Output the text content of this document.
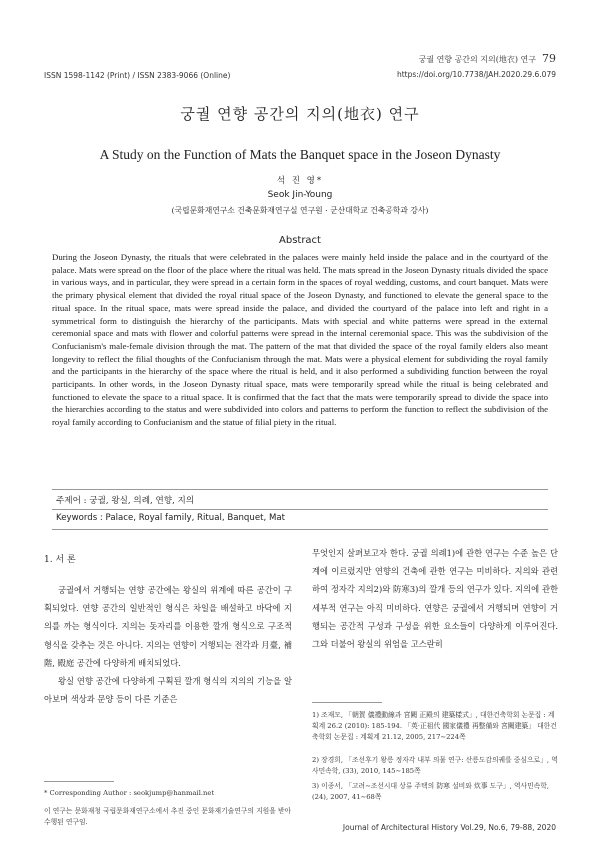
ISSN 1598-1142 (Print) / ISSN 2383-9066 (Online)
궁궐 연향 공간의 지의(地衣) 연구 79
https://doi.org/10.7738/JAH.2020.29.6.079
궁궐 연향 공간의 지의(地衣) 연구
A Study on the Function of Mats the Banquet space in the Joseon Dynasty
석 진 영*
Seok Jin-Young
(국립문화재연구소 건축문화재연구실 연구원 · 군산대학교 건축공학과 강사)
Abstract
During the Joseon Dynasty, the rituals that were celebrated in the palaces were mainly held inside the palace and in the courtyard of the palace. Mats were spread on the floor of the place where the ritual was held. The mats spread in the Joseon Dynasty rituals divided the space in various ways, and in particular, they were spread in a certain form in the spaces of royal wedding, customs, and court banquet. Mats were the primary physical element that divided the royal ritual space of the Joseon Dynasty, and functioned to elevate the general space to the ritual space. In the ritual space, mats were spread inside the palace, and divided the courtyard of the palace into left and right in a symmetrical form to distinguish the hierarchy of the participants. Mats with special and white patterns were spread in the external ceremonial space and mats with flower and colorful patterns were spread in the internal ceremonial space. This was the subdivision of the Confucianism's male-female division through the mat. The pattern of the mat that divided the space of the royal family elders also meant longevity to reflect the filial thoughts of the Confucianism through the mat. Mats were a physical element for subdividing the royal family and the participants in the hierarchy of the space where the ritual is held, and it also performed a subdividing function between the royal participants. In other words, in the Joseon Dynasty ritual space, mats were temporarily spread while the ritual is being celebrated and functioned to elevate the space to a ritual space. It is confirmed that the fact that the mats were temporarily spread to divide the space into the hierarchies according to the status and were subdivided into colors and patterns to perform the function to reflect the subdivision of the royal family according to Confucianism and the statue of filial piety in the ritual.
주제어 : 궁궐, 왕실, 의례, 연향, 지의
Keywords : Palace, Royal family, Ritual, Banquet, Mat
1. 서 론

궁궐에서 거행되는 연향 공간에는 왕실의 위계에 따른 공간이 구획되었다. 연향 공간의 일반적인 형식은 차일을 배설하고 바닥에 지의를 까는 형식이다. 지의는 돗자리를 이용한 깔개 형식으로 구조적 형식을 갖추는 것은 아니다. 지의는 연향이 거행되는 전각과 月臺, 補階, 殿庭 공간에 다양하게 배치되었다.

왕실 연향 공간에 다양하게 구획된 깔개 형식의 지의의 기능을 알아보며 색상과 문양 등이 다른 기준은

무엇인지 살펴보고자 한다. 궁궐 의례1)에 관한 연구는 수준 높은 단계에 이르렀지만 연향의 건축에 관한 연구는 미비하다. 지의와 관련하여 정자각 지의2)와 防寒3)의 깔개 등의 연구가 있다. 지의에 관한 세부적 연구는 아직 미비하다. 연향은 궁궐에서 거행되며 연향이 거행되는 공간적 구성과 구성을 위한 요소들이 다양하게 이루어진다. 그와 더불어 왕실의 위엄을 고스란히

1) 조재모, 「朝賀 儀禮動線과 宮闕 正殿의 建築樣式」, 대한건축학회 논문집 : 계획계 26.2 (2010): 185-194. 「英·正祖代 國家儀禮 再整備와 宮闕建築」 대한건축학회 논문집 : 계획계 21.12, 2005, 217∼224쪽
2) 장경희, 「조선후기 왕릉 정자각 내부 의물 연구: 산릉도감의궤를 중심으로」, 역사민속학, (33), 2010, 145∼185쪽
3) 이종서, 「고려∼조선시대 상류 주택의 防寒 설비와 炊事 도구」, 역사민속학, (24), 2007, 41∼68쪽
* Corresponding Author : seokjump@hanmail.net
이 연구는 문화재청 국립문화재연구소에서 추진 중인 문화재기술연구의 지원을 받아 수행된 연구임.
Journal of Architectural History Vol.29, No.6, 79-88, 2020
